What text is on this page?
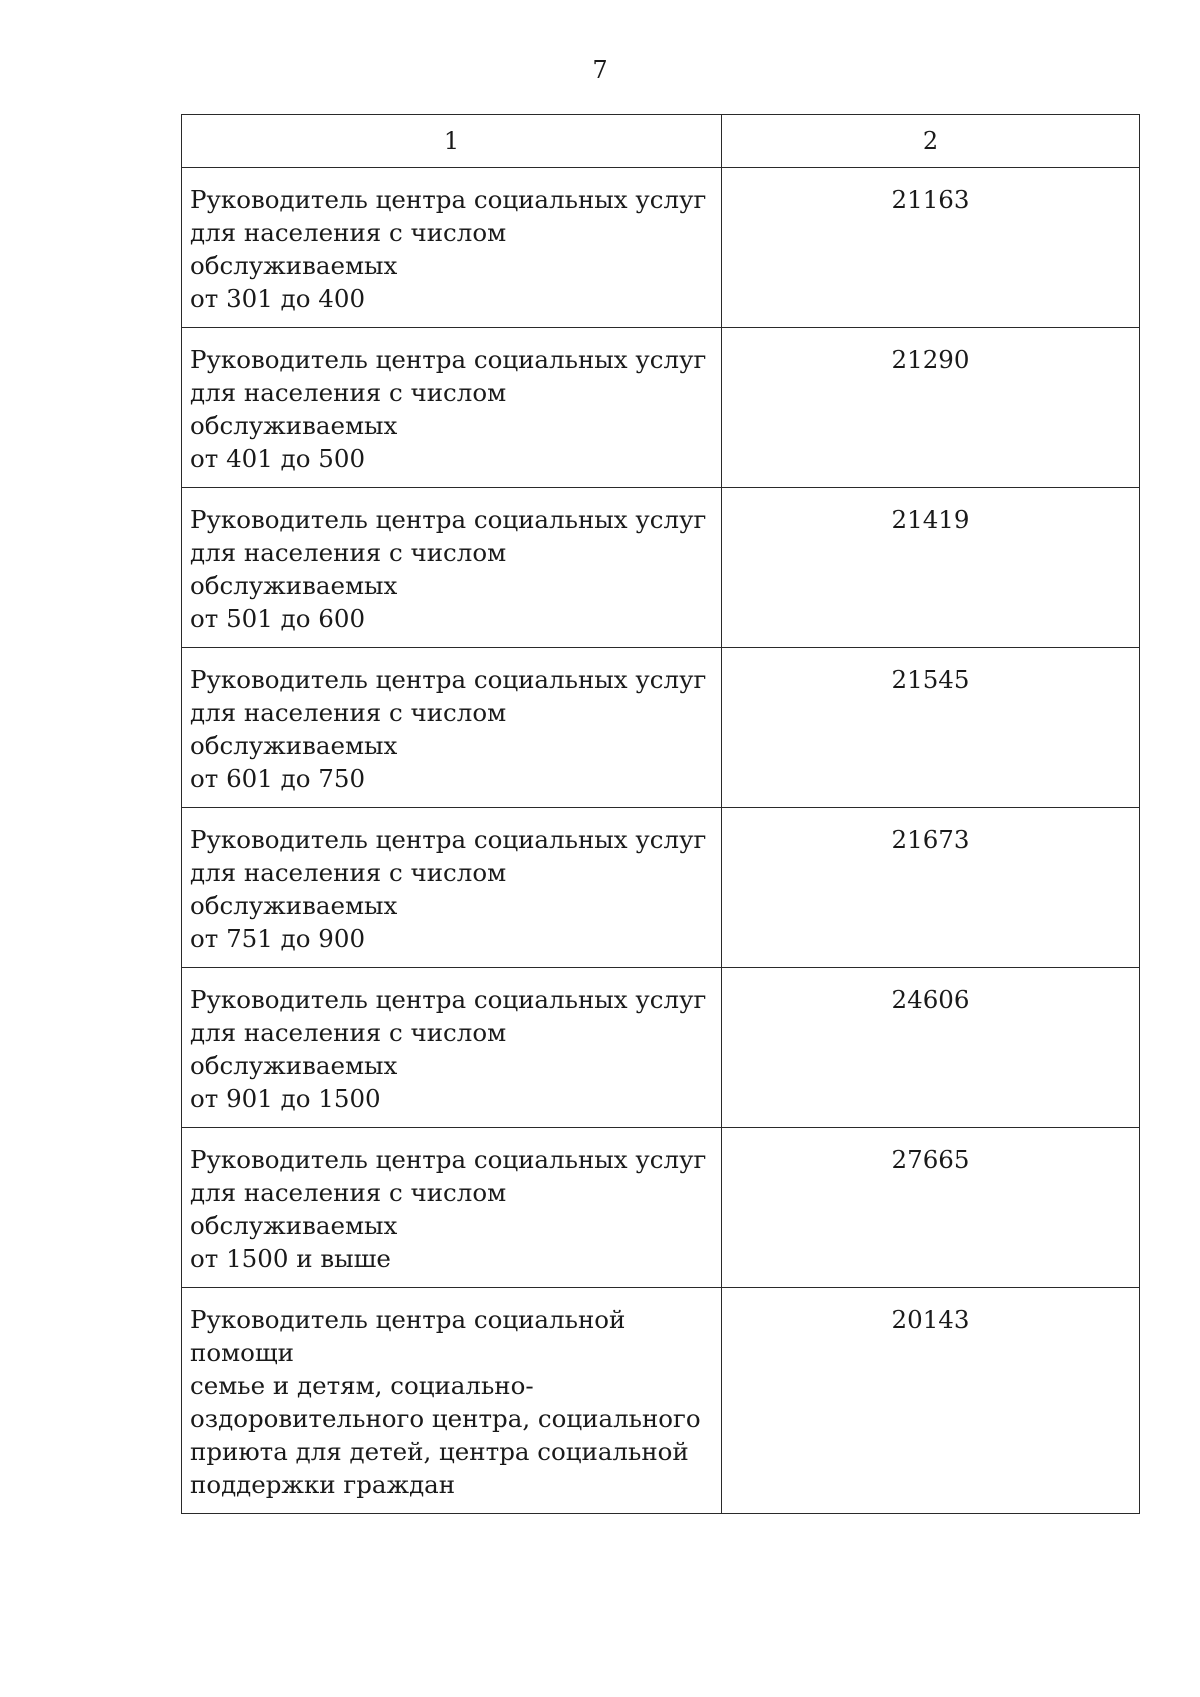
7
1	2
Руководитель центра социальных услуг
для населения с числом обслуживаемых
от 301 до 400	21163
Руководитель центра социальных услуг
для населения с числом обслуживаемых
от 401 до 500	21290
Руководитель центра социальных услуг
для населения с числом обслуживаемых
от 501 до 600	21419
Руководитель центра социальных услуг
для населения с числом обслуживаемых
от 601 до 750	21545
Руководитель центра социальных услуг
для населения с числом обслуживаемых
от 751 до 900	21673
Руководитель центра социальных услуг
для населения с числом обслуживаемых
от 901 до 1500	24606
Руководитель центра социальных услуг
для населения с числом обслуживаемых
от 1500 и выше	27665
Руководитель центра социальной помощи
семье и детям, социально-
оздоровительного центра, социального
приюта для детей, центра социальной
поддержки граждан	20143
